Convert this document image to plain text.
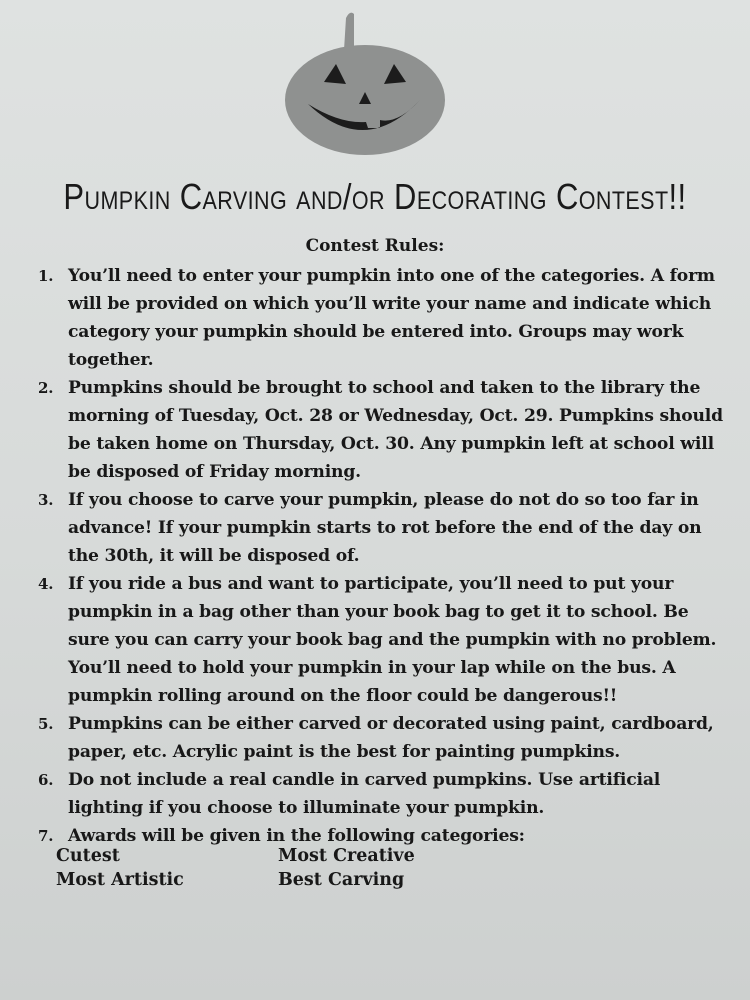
Pumpkin Carving and/or Decorating Contest!!
Contest Rules:
1. You’ll need to enter your pumpkin into one of the categories. A form will be provided on which you’ll write your name and indicate which category your pumpkin should be entered into. Groups may work together.
2. Pumpkins should be brought to school and taken to the library the morning of Tuesday, Oct. 28 or Wednesday, Oct. 29. Pumpkins should be taken home on Thursday, Oct. 30. Any pumpkin left at school will be disposed of Friday morning.
3. If you choose to carve your pumpkin, please do not do so too far in advance! If your pumpkin starts to rot before the end of the day on the 30th, it will be disposed of.
4. If you ride a bus and want to participate, you’ll need to put your pumpkin in a bag other than your book bag to get it to school. Be sure you can carry your book bag and the pumpkin with no problem. You’ll need to hold your pumpkin in your lap while on the bus. A pumpkin rolling around on the floor could be dangerous!!
5. Pumpkins can be either carved or decorated using paint, cardboard, paper, etc. Acrylic paint is the best for painting pumpkins.
6. Do not include a real candle in carved pumpkins. Use artificial lighting if you choose to illuminate your pumpkin.
7. Awards will be given in the following categories:
Cutest	Most Creative
Most Artistic	Best Carving
